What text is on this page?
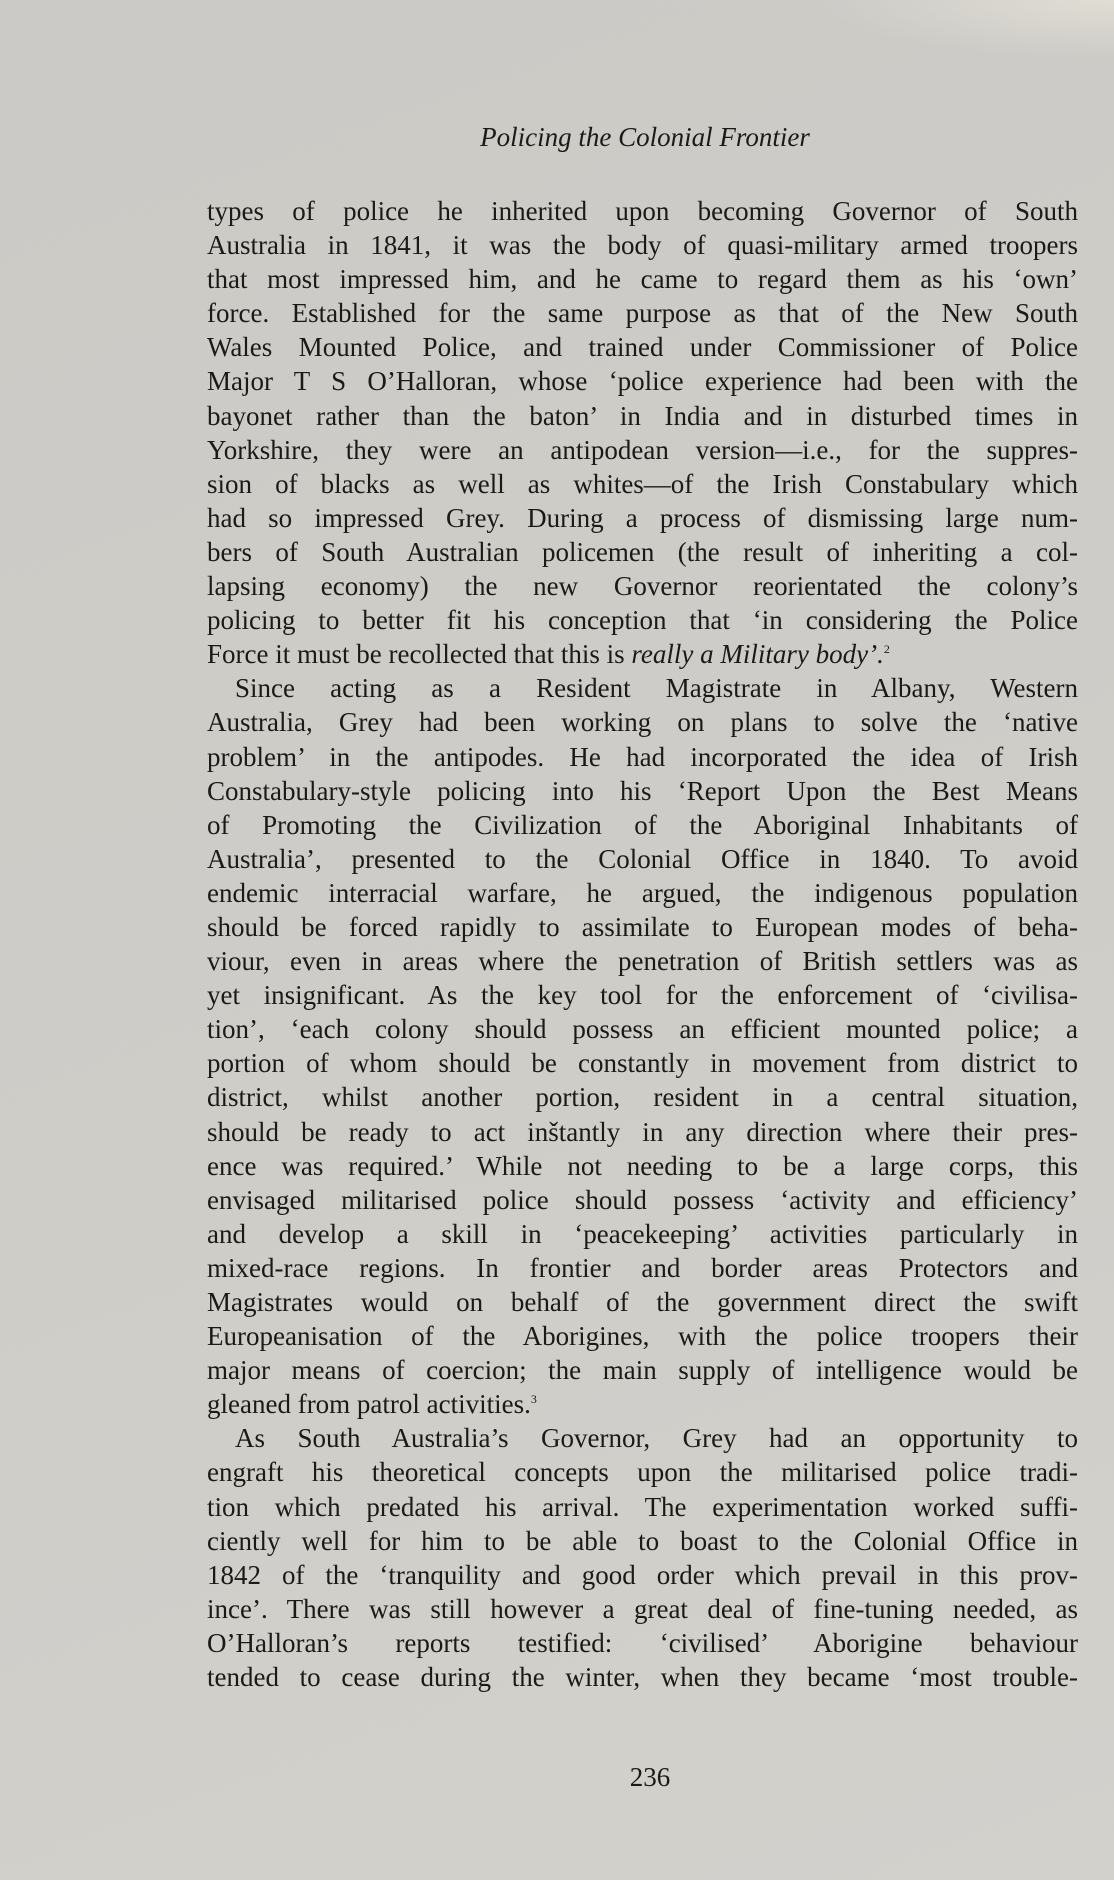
Policing the Colonial Frontier
types of police he inherited upon becoming Governor of South
Australia in 1841, it was the body of quasi-military armed troopers
that most impressed him, and he came to regard them as his ‘own’
force. Established for the same purpose as that of the New South
Wales Mounted Police, and trained under Commissioner of Police
Major T S O’Halloran, whose ‘police experience had been with the
bayonet rather than the baton’ in India and in disturbed times in
Yorkshire, they were an antipodean version—i.e., for the suppres-
sion of blacks as well as whites—of the Irish Constabulary which
had so impressed Grey. During a process of dismissing large num-
bers of South Australian policemen (the result of inheriting a col-
lapsing economy) the new Governor reorientated the colony’s
policing to better fit his conception that ‘in considering the Police
Force it must be recollected that this is really a Military body’.$^2$
Since acting as a Resident Magistrate in Albany, Western
Australia, Grey had been working on plans to solve the ‘native
problem’ in the antipodes. He had incorporated the idea of Irish
Constabulary-style policing into his ‘Report Upon the Best Means
of Promoting the Civilization of the Aboriginal Inhabitants of
Australia’, presented to the Colonial Office in 1840. To avoid
endemic interracial warfare, he argued, the indigenous population
should be forced rapidly to assimilate to European modes of beha-
viour, even in areas where the penetration of British settlers was as
yet insignificant. As the key tool for the enforcement of ‘civilisa-
tion’, ‘each colony should possess an efficient mounted police; a
portion of whom should be constantly in movement from district to
district, whilst another portion, resident in a central situation,
should be ready to act inštantly in any direction where their pres-
ence was required.’ While not needing to be a large corps, this
envisaged militarised police should possess ‘activity and efficiency’
and develop a skill in ‘peacekeeping’ activities particularly in
mixed-race regions. In frontier and border areas Protectors and
Magistrates would on behalf of the government direct the swift
Europeanisation of the Aborigines, with the police troopers their
major means of coercion; the main supply of intelligence would be
gleaned from patrol activities.$^3$
As South Australia’s Governor, Grey had an opportunity to
engraft his theoretical concepts upon the militarised police tradi-
tion which predated his arrival. The experimentation worked suffi-
ciently well for him to be able to boast to the Colonial Office in
1842 of the ‘tranquility and good order which prevail in this prov-
ince’. There was still however a great deal of fine-tuning needed, as
O’Halloran’s reports testified: ‘civilised’ Aborigine behaviour
tended to cease during the winter, when they became ‘most trouble-
236
